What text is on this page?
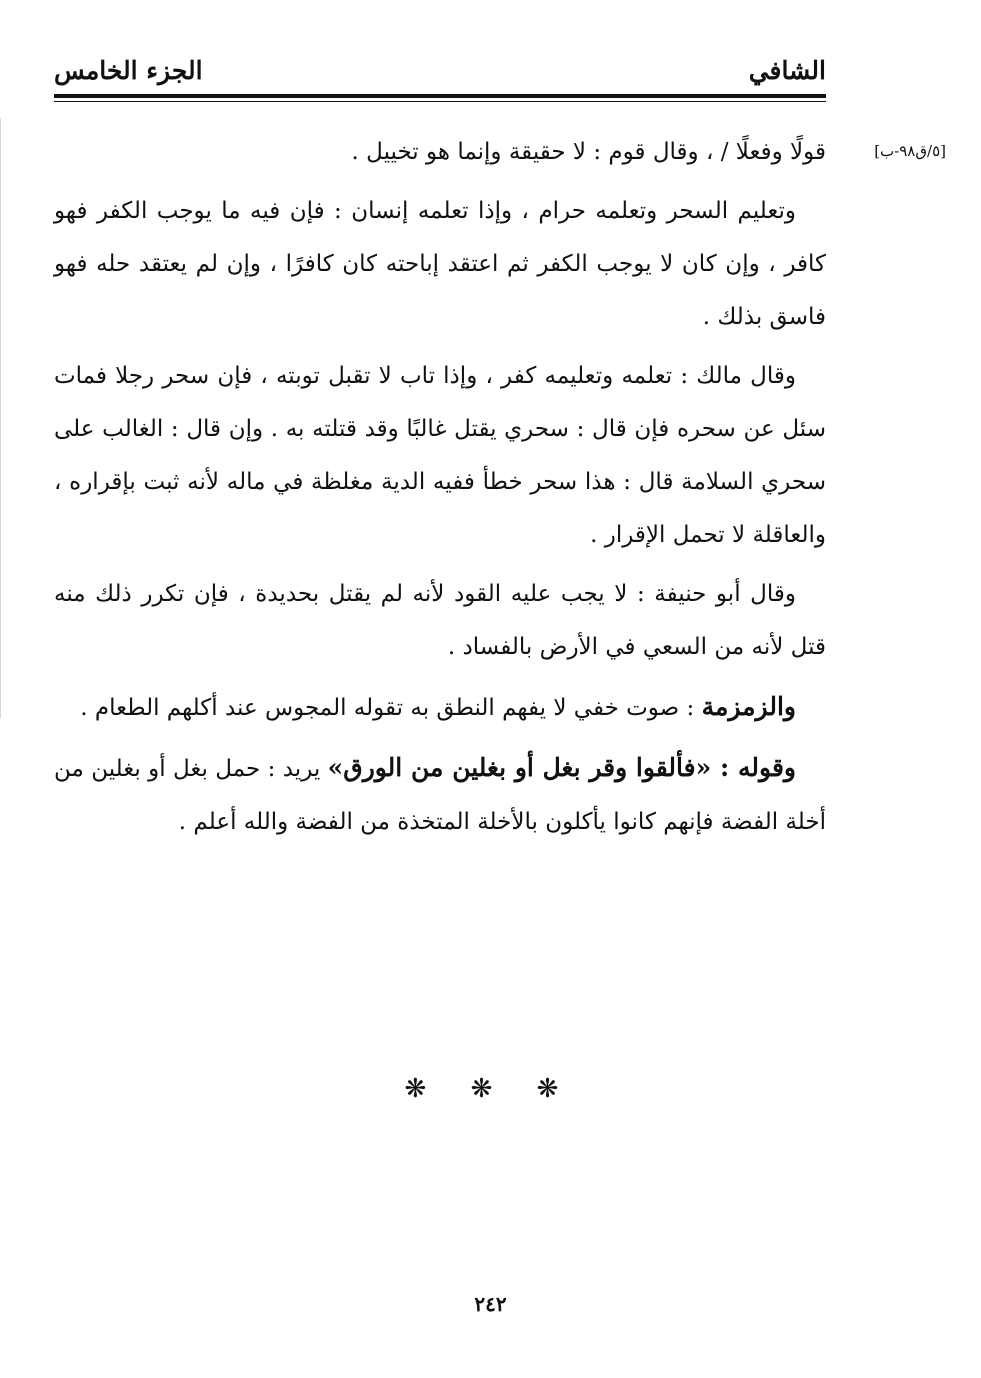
الشافي
الجزء الخامس
[٥/ق٩٨-ب]

قولًا وفعلًا / ، وقال قوم : لا حقيقة وإنما هو تخييل .

وتعليم السحر وتعلمه حرام ، وإذا تعلمه إنسان : فإن فيه ما يوجب الكفر فهو كافر ، وإن كان لا يوجب الكفر ثم اعتقد إباحته كان كافرًا ، وإن لم يعتقد حله فهو فاسق بذلك .

وقال مالك : تعلمه وتعليمه كفر ، وإذا تاب لا تقبل توبته ، فإن سحر رجلا فمات سئل عن سحره فإن قال : سحري يقتل غالبًا وقد قتلته به . وإن قال : الغالب على سحري السلامة قال : هذا سحر خطأ ففيه الدية مغلظة في ماله لأنه ثبت بإقراره ، والعاقلة لا تحمل الإقرار .

وقال أبو حنيفة : لا يجب عليه القود لأنه لم يقتل بحديدة ، فإن تكرر ذلك منه قتل لأنه من السعي في الأرض بالفساد .

والزمزمة : صوت خفي لا يفهم النطق به تقوله المجوس عند أكلهم الطعام .

وقوله : «فألقوا وقر بغل أو بغلين من الورق» يريد : حمل بغل أو بغلين من أخلة الفضة فإنهم كانوا يأكلون بالأخلة المتخذة من الفضة والله أعلم .

❋ ❋ ❋
٢٤٢
